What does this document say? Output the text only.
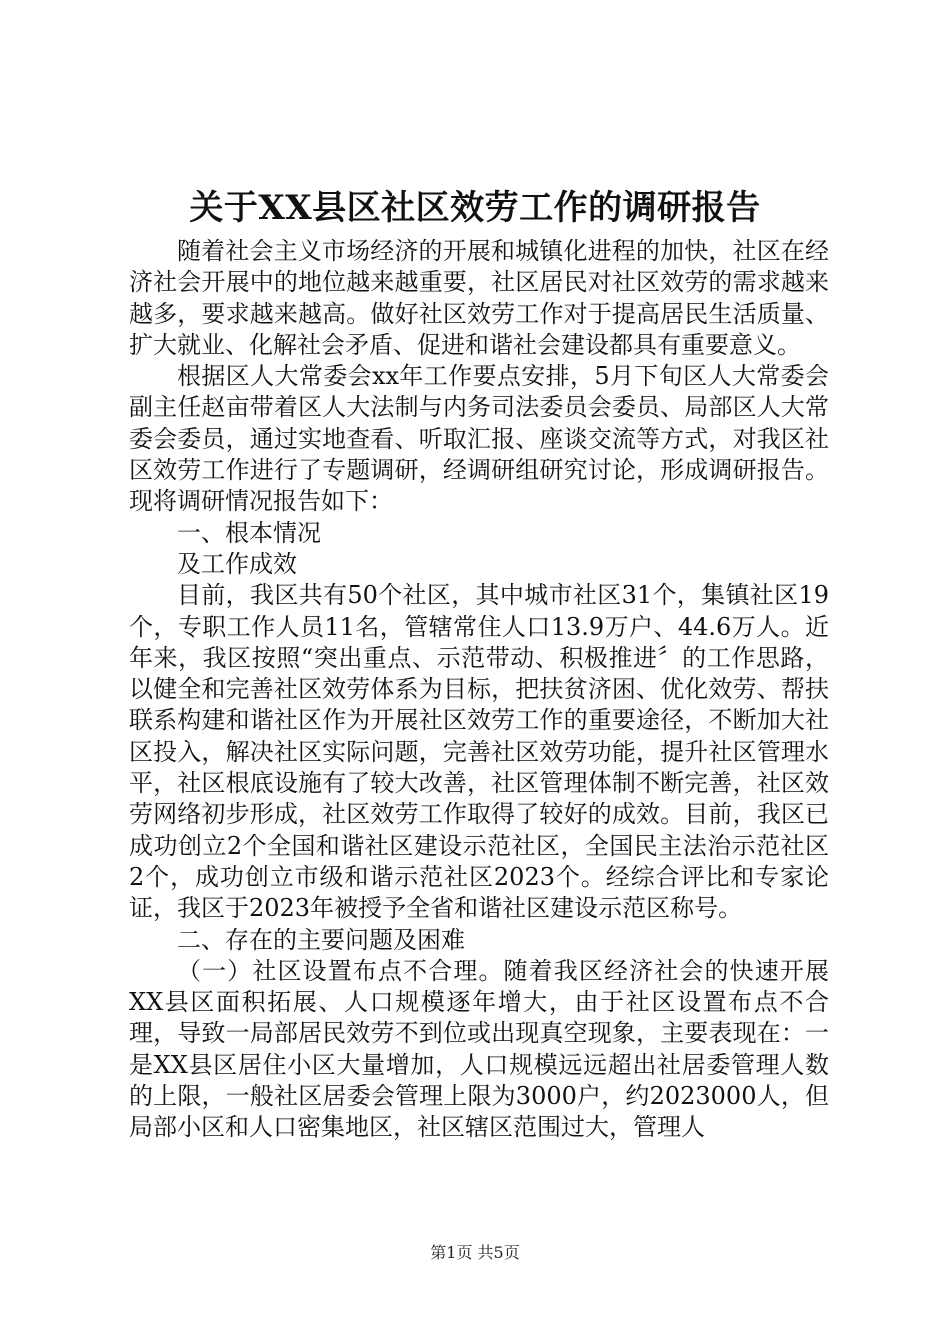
关于XX县区社区效劳工作的调研报告

随着社会主义市场经济的开展和城镇化进程的加快，社区在经济社会开展中的地位越来越重要，社区居民对社区效劳的需求越来越多，要求越来越高。做好社区效劳工作对于提高居民生活质量、扩大就业、化解社会矛盾、促进和谐社会建设都具有重要意义。

根据区人大常委会xx年工作要点安排，5月下旬区人大常委会副主任赵亩带着区人大法制与内务司法委员会委员、局部区人大常委会委员，通过实地查看、听取汇报、座谈交流等方式，对我区社区效劳工作进行了专题调研，经调研组研究讨论，形成调研报告。现将调研情况报告如下：

一、根本情况

及工作成效

目前，我区共有50个社区，其中城市社区31个，集镇社区19个，专职工作人员11名，管辖常住人口13.9万户、44.6万人。近年来，我区按照“突出重点、示范带动、积极推进〞的工作思路，以健全和完善社区效劳体系为目标，把扶贫济困、优化效劳、帮扶联系构建和谐社区作为开展社区效劳工作的重要途径，不断加大社区投入，解决社区实际问题，完善社区效劳功能，提升社区管理水平，社区根底设施有了较大改善，社区管理体制不断完善，社区效劳网络初步形成，社区效劳工作取得了较好的成效。目前，我区已成功创立2个全国和谐社区建设示范社区，全国民主法治示范社区2个，成功创立市级和谐示范社区2023个。经综合评比和专家论证，我区于2023年被授予全省和谐社区建设示范区称号。

二、存在的主要问题及困难

（一）社区设置布点不合理。随着我区经济社会的快速开展XX县区面积拓展、人口规模逐年增大，由于社区设置布点不合理，导致一局部居民效劳不到位或出现真空现象，主要表现在：一是XX县区居住小区大量增加，人口规模远远超出社居委管理人数的上限，一般社区居委会管理上限为3000户，约2023000人，但局部小区和人口密集地区，社区辖区范围过大，管理人

第1页 共5页
